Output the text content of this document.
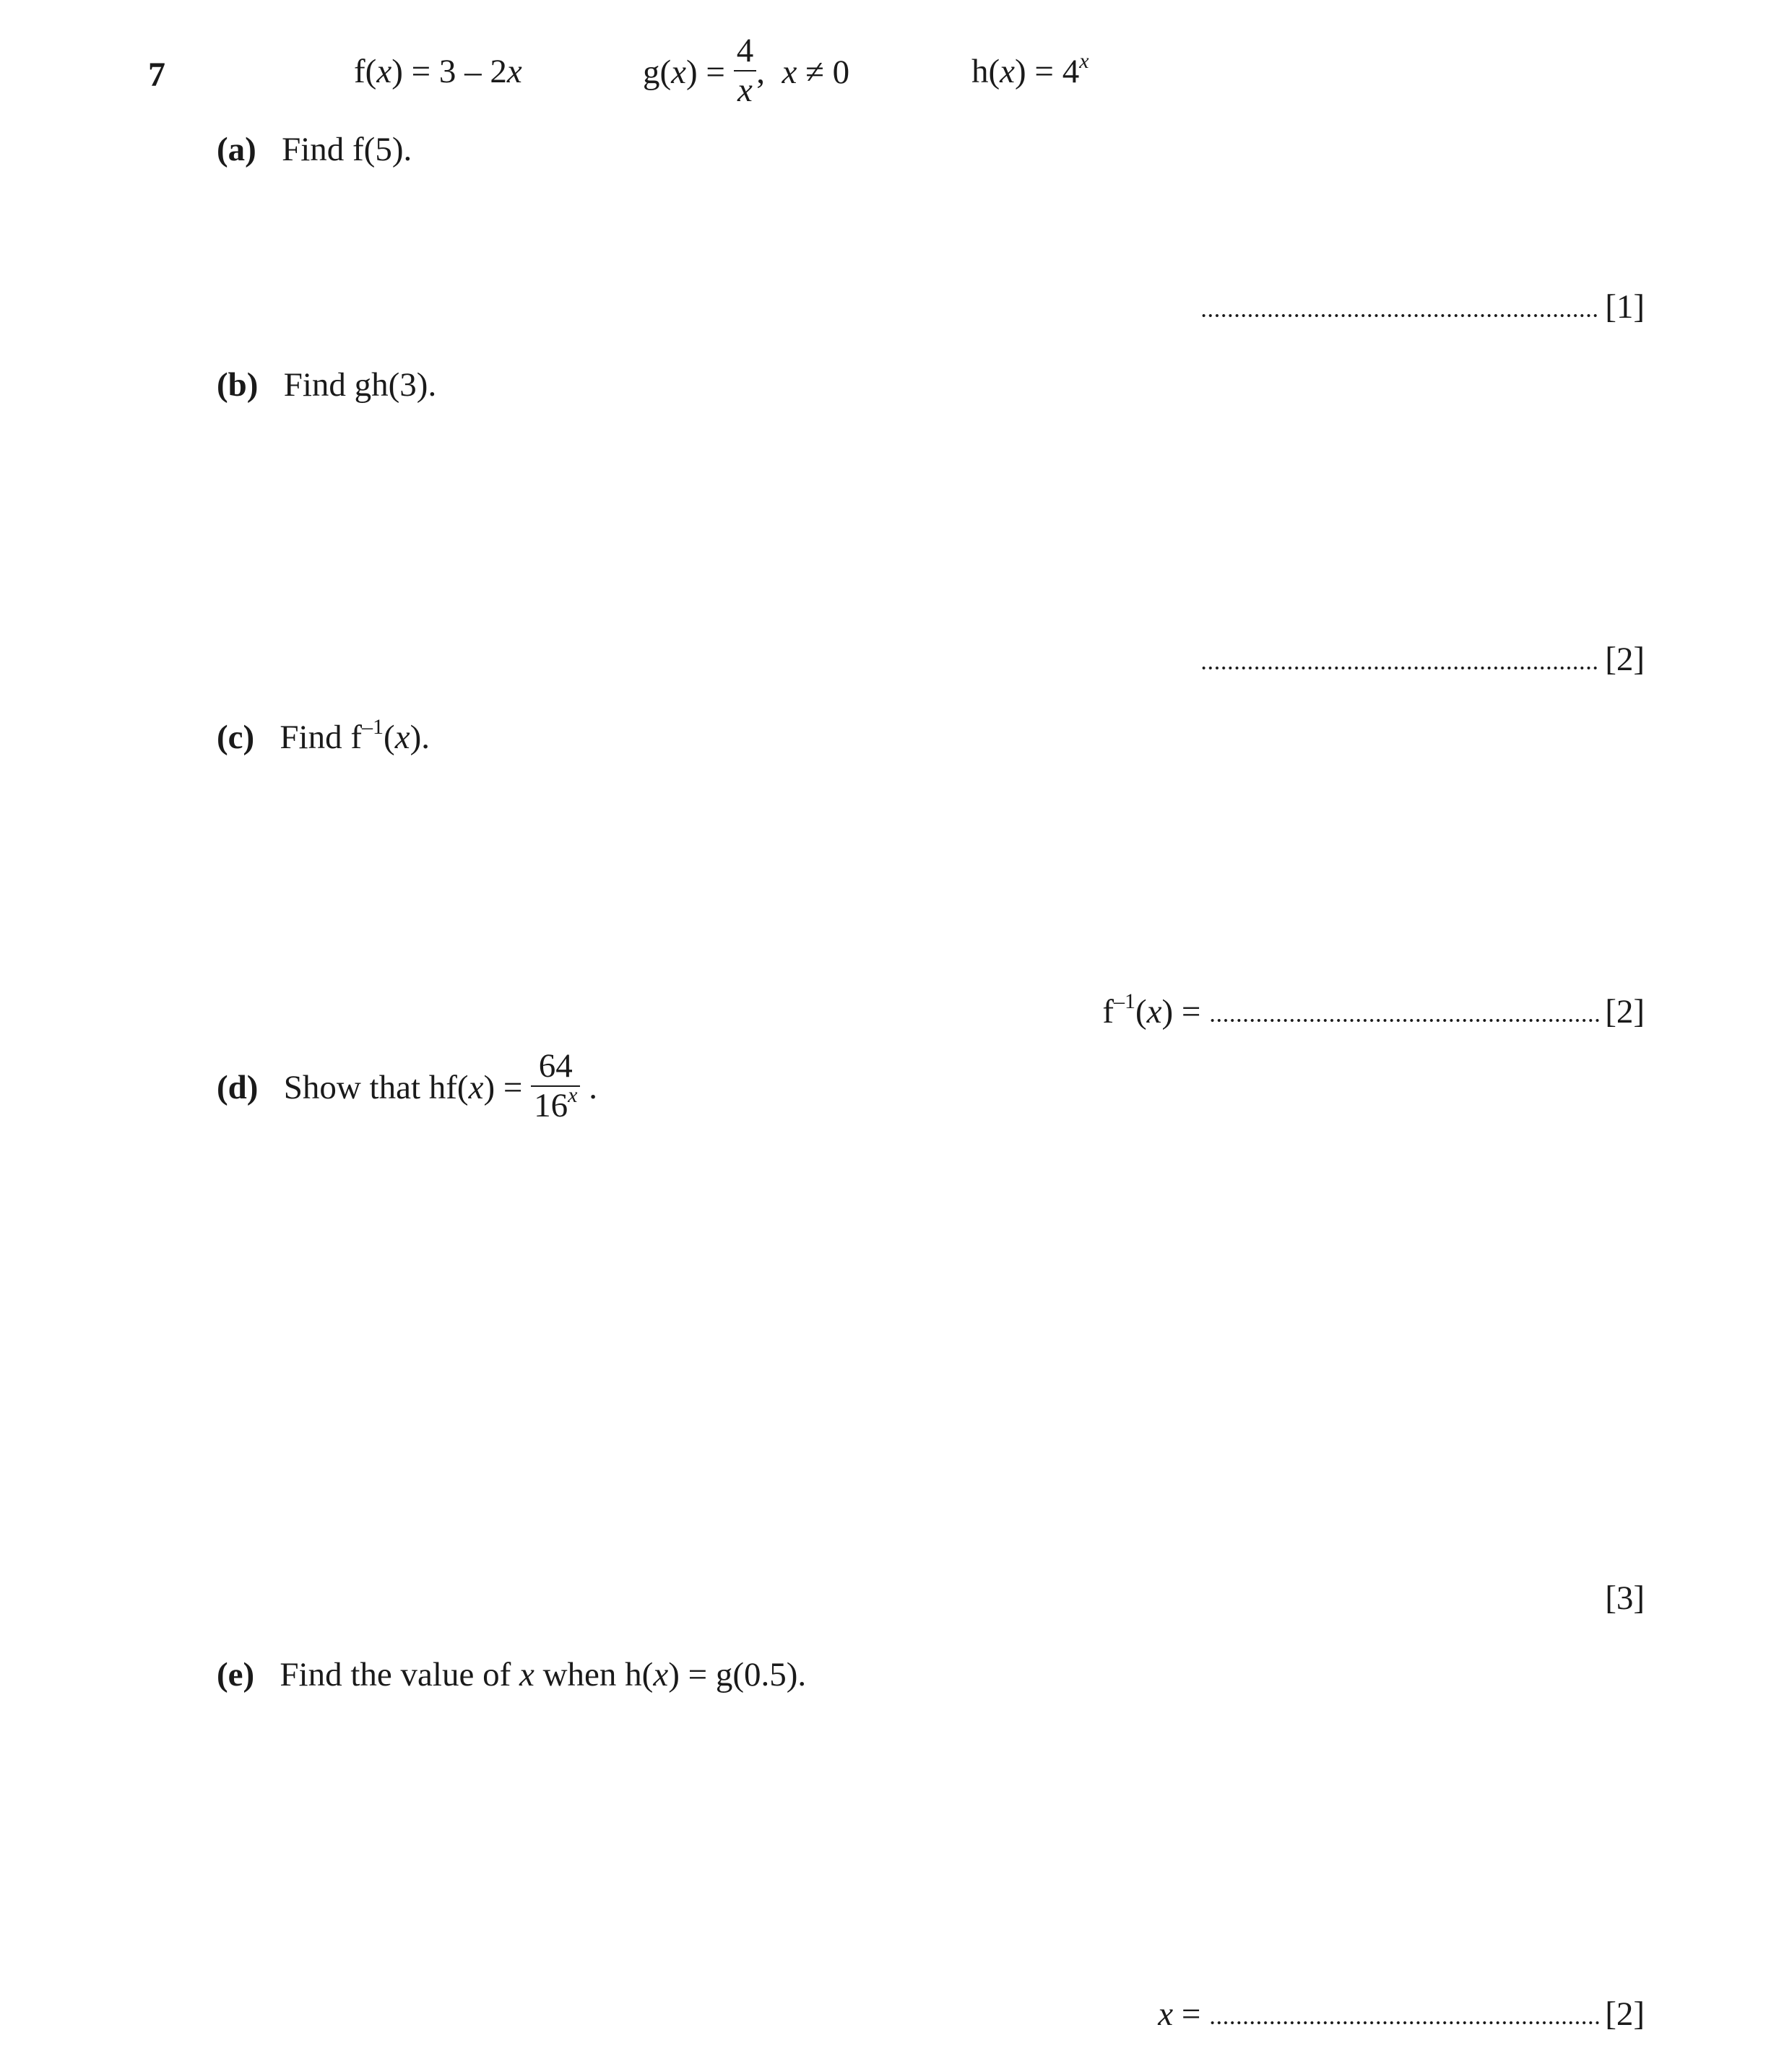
7	f(x) = 3 – 2x	$g(x) = \frac{4}{x}$ , x ≠ 0	$h(x) = 4^x$
(a) Find f(5).
[1]
(b) Find gh(3).
[2]
(c) Find $f^{-1}(x)$.
$f^{-1}(x)$ =	[2]
(d) Show that $hf(x) = \frac{64}{16^x}$ .
[3]
(e) Find the value of x when h(x) = g(0.5).
x =	[2]
